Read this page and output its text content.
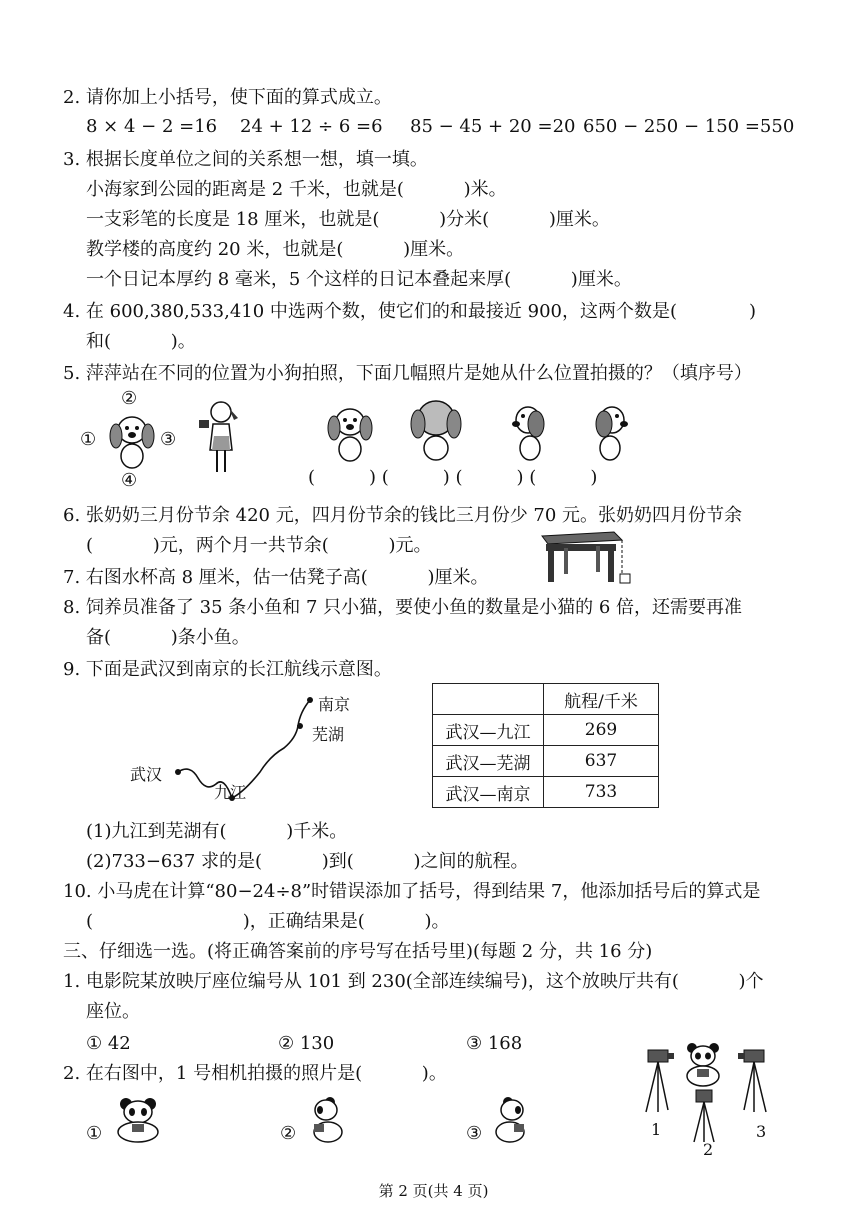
2. 请你加上小括号，使下面的算式成立。
8 × 4 − 2 =16 24 + 12 ÷ 6 =6 85 − 45 + 20 =20 650 − 250 − 150 =550
3. 根据长度单位之间的关系想一想，填一填。
小海家到公园的距离是 2 千米，也就是(　　　 )米。
一支彩笔的长度是 18 厘米，也就是(　　　 )分米(　　　 )厘米。
教学楼的高度约 20 米，也就是(　　　 )厘米。
一个日记本厚约 8 毫米，5 个这样的日记本叠起来厚(　　　 )厘米。
4. 在 600,380,533,410 中选两个数，使它们的和最接近 900，这两个数是(　　　　)
和(　　　 )。
5. 萍萍站在不同的位置为小狗拍照，下面几幅照片是她从什么位置拍摄的？（填序号）
②
①	③
④	(　　　) (　　　) (　　　) (　　　)
6. 张奶奶三月份节余 420 元，四月份节余的钱比三月份少 70 元。张奶奶四月份节余
(　　　 )元，两个月一共节余(　　　 )元。
7. 右图水杯高 8 厘米，估一估凳子高(　　　 )厘米。
8. 饲养员准备了 35 条小鱼和 7 只小猫，要使小鱼的数量是小猫的 6 倍，还需要再准
备(　　　 )条小鱼。
9. 下面是武汉到南京的长江航线示意图。
南京
芜湖
武汉
九江
	航程/千米
武汉—九江	269
武汉—芜湖	637
武汉—南京	733
(1)九江到芜湖有(　　　 )千米。
(2)733−637 求的是(　　　 )到(　　　 )之间的航程。
10. 小马虎在计算“80−24÷8”时错误添加了括号，得到结果 7，他添加括号后的算式是
(　　　　　　　　 )，正确结果是(　　　 )。
三、仔细选一选。(将正确答案前的序号写在括号里)(每题 2 分，共 16 分)
1. 电影院某放映厅座位编号从 101 到 230(全部连续编号)，这个放映厅共有(　　　 )个
座位。
① 42	② 130	③ 168
2. 在右图中，1 号相机拍摄的照片是(　　　 )。
①	②	③	1
2
3
第 2 页(共 4 页)
